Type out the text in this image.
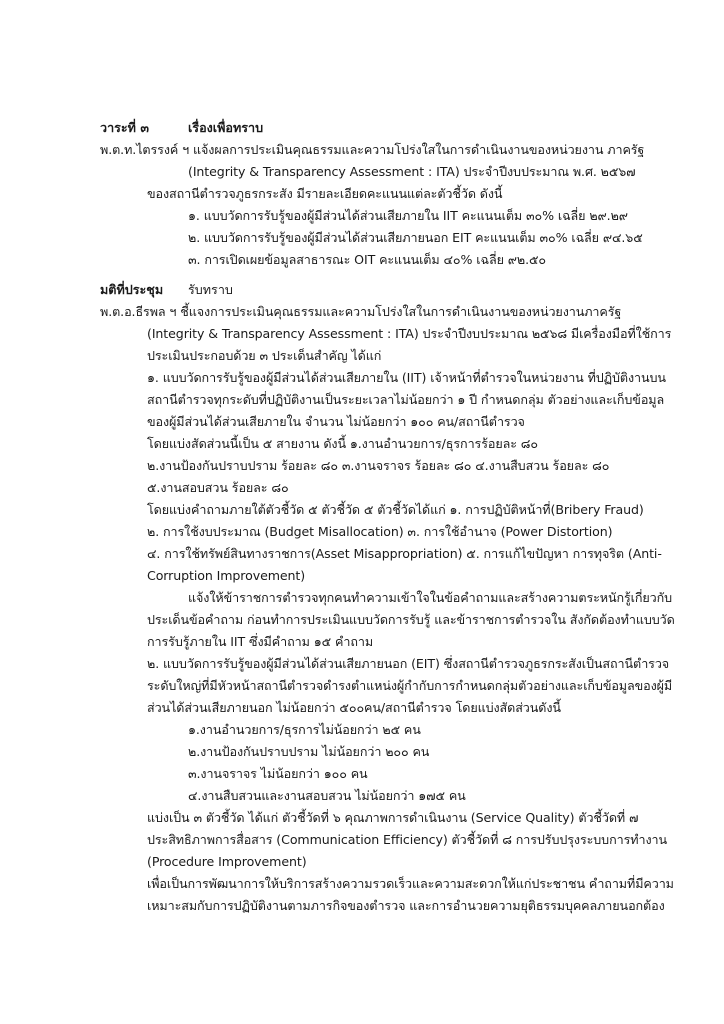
วาระที่ ๓	เรื่องเพื่อทราบ
พ.ต.ท.ไตรรงค์ ฯ แจ้งผลการประเมินคุณธรรมและความโปร่งใสในการดำเนินงานของหน่วยงาน ภาครัฐ
(Integrity & Transparency Assessment : ITA) ประจำปีงบประมาณ พ.ศ. ๒๕๖๗
ของสถานีตำรวจภูธรกระสัง มีรายละเอียดคะแนนแต่ละตัวชี้วัด ดังนี้
๑. แบบวัดการรับรู้ของผู้มีส่วนได้ส่วนเสียภายใน IIT คะแนนเต็ม ๓๐% เฉลี่ย ๒๙.๒๙
๒. แบบวัดการรับรู้ของผู้มีส่วนได้ส่วนเสียภายนอก EIT คะแนนเต็ม ๓๐% เฉลี่ย ๙๔.๖๕
๓. การเปิดเผยข้อมูลสาธารณะ OIT คะแนนเต็ม ๔๐% เฉลี่ย ๙๒.๕๐
มติที่ประชุม รับทราบ
พ.ต.อ.ธีรพล ฯ ชี้แจงการประเมินคุณธรรมและความโปร่งใสในการดำเนินงานของหน่วยงานภาครัฐ
(Integrity & Transparency Assessment : ITA) ประจำปีงบประมาณ ๒๕๖๘ มีเครื่องมือที่ใช้การ
ประเมินประกอบด้วย ๓ ประเด็นสำคัญ ได้แก่
๑. แบบวัดการรับรู้ของผู้มีส่วนได้ส่วนเสียภายใน (IIT) เจ้าหน้าที่ตำรวจในหน่วยงาน ที่ปฏิบัติงานบน
สถานีตำรวจทุกระดับที่ปฏิบัติงานเป็นระยะเวลาไม่น้อยกว่า ๑ ปี กำหนดกลุ่ม ตัวอย่างและเก็บข้อมูล
ของผู้มีส่วนได้ส่วนเสียภายใน จำนวน ไม่น้อยกว่า ๑๐๐ คน/สถานีตำรวจ
โดยแบ่งสัดส่วนนี้เป็น ๕ สายงาน ดังนี้ ๑.งานอำนวยการ/ธุรการร้อยละ ๘๐
๒.งานป้องกันปราบปราม ร้อยละ ๘๐ ๓.งานจราจร ร้อยละ ๘๐ ๔.งานสืบสวน ร้อยละ ๘๐
๕.งานสอบสวน ร้อยละ ๘๐
โดยแบ่งคำถามภายใต้ตัวชี้วัด ๕ ตัวชี้วัด ๕ ตัวชี้วัดได้แก่ ๑. การปฏิบัติหน้าที่(Bribery Fraud)
๒. การใช้งบประมาณ (Budget Misallocation) ๓. การใช้อำนาจ (Power Distortion)
๔. การใช้ทรัพย์สินทางราชการ(Asset Misappropriation) ๕. การแก้ไขปัญหา การทุจริต (Anti-
Corruption Improvement)
แจ้งให้ข้าราชการตำรวจทุกคนทำความเข้าใจในข้อคำถามและสร้างความตระหนักรู้เกี่ยวกับ
ประเด็นข้อคำถาม ก่อนทำการประเมินแบบวัดการรับรู้ และข้าราชการตำรวจใน สังกัดต้องทำแบบวัด
การรับรู้ภายใน IIT ซึ่งมีคำถาม ๑๕ คำถาม
๒. แบบวัดการรับรู้ของผู้มีส่วนได้ส่วนเสียภายนอก (EIT) ซึ่งสถานีตำรวจภูธรกระสังเป็นสถานีตำรวจ
ระดับใหญ่ที่มีหัวหน้าสถานีตำรวจดำรงตำแหน่งผู้กำกับการกำหนดกลุ่มตัวอย่างและเก็บข้อมูลของผู้มี
ส่วนได้ส่วนเสียภายนอก ไม่น้อยกว่า ๕๐๐คน/สถานีตำรวจ โดยแบ่งสัดส่วนดังนี้
๑.งานอำนวยการ/ธุรการไม่น้อยกว่า ๒๕ คน
๒.งานป้องกันปราบปราม ไม่น้อยกว่า ๒๐๐ คน
๓.งานจราจร ไม่น้อยกว่า ๑๐๐ คน
๔.งานสืบสวนและงานสอบสวน ไม่น้อยกว่า ๑๗๕ คน
แบ่งเป็น ๓ ตัวชี้วัด ได้แก่ ตัวชี้วัดที่ ๖ คุณภาพการดำเนินงาน (Service Quality) ตัวชี้วัดที่ ๗
ประสิทธิภาพการสื่อสาร (Communication Efficiency) ตัวชี้วัดที่ ๘ การปรับปรุงระบบการทำงาน
(Procedure Improvement)
เพื่อเป็นการพัฒนาการให้บริการสร้างความรวดเร็วและความสะดวกให้แก่ประชาชน คำถามที่มีความ
เหมาะสมกับการปฏิบัติงานตามภารกิจของตำรวจ และการอำนวยความยุติธรรมบุคคลภายนอกต้อง
